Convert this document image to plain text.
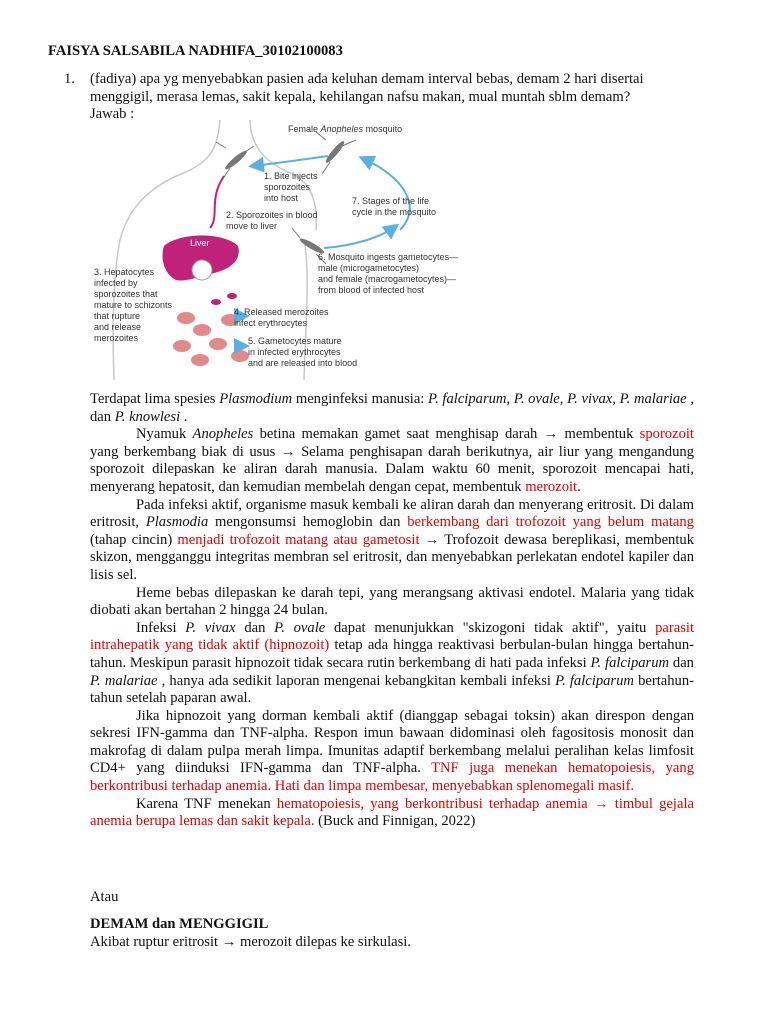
FAISYA SALSABILA NADHIFA_30102100083
1. (fadiya) apa yg menyebabkan pasien ada keluhan demam interval bebas, demam 2 hari disertai menggigil, merasa lemas, sakit kepala, kehilangan nafsu makan, mual muntah sblm demam?
Jawab :
Female Anopheles mosquito
Liver
1. Bite injects
sporozoites
into host
2. Sporozoites in blood
move to liver
3. Hepatocytes
infected by
sporozoites that
mature to schizonts
that rupture
and release
merozoites
4. Released merozoites
infect erythrocytes
5. Gametocytes mature
in infected erythrocytes
and are released into blood
6. Mosquito ingests gametocytes—
male (microgametocytes)
and female (macrogametocytes)—
from blood of infected host
7. Stages of the life
cycle in the mosquito

Terdapat lima spesies Plasmodium menginfeksi manusia: P. falciparum, P. ovale, P. vivax, P. malariae , dan P. knowlesi .

Nyamuk Anopheles betina memakan gamet saat menghisap darah → membentuk sporozoit yang berkembang biak di usus → Selama penghisapan darah berikutnya, air liur yang mengandung sporozoit dilepaskan ke aliran darah manusia. Dalam waktu 60 menit, sporozoit mencapai hati, menyerang hepatosit, dan kemudian membelah dengan cepat, membentuk merozoit.

Pada infeksi aktif, organisme masuk kembali ke aliran darah dan menyerang eritrosit. Di dalam eritrosit, Plasmodia mengonsumsi hemoglobin dan berkembang dari trofozoit yang belum matang (tahap cincin) menjadi trofozoit matang atau gametosit → Trofozoit dewasa bereplikasi, membentuk skizon, mengganggu integritas membran sel eritrosit, dan menyebabkan perlekatan endotel kapiler dan lisis sel.

Heme bebas dilepaskan ke darah tepi, yang merangsang aktivasi endotel. Malaria yang tidak diobati akan bertahan 2 hingga 24 bulan.

Infeksi P. vivax dan P. ovale dapat menunjukkan "skizogoni tidak aktif", yaitu parasit intrahepatik yang tidak aktif (hipnozoit) tetap ada hingga reaktivasi berbulan-bulan hingga bertahun-tahun. Meskipun parasit hipnozoit tidak secara rutin berkembang di hati pada infeksi P. falciparum dan P. malariae , hanya ada sedikit laporan mengenai kebangkitan kembali infeksi P. falciparum bertahun-tahun setelah paparan awal.

Jika hipnozoit yang dorman kembali aktif (dianggap sebagai toksin) akan direspon dengan sekresi IFN-gamma dan TNF-alpha. Respon imun bawaan didominasi oleh fagositosis monosit dan makrofag di dalam pulpa merah limpa. Imunitas adaptif berkembang melalui peralihan kelas limfosit CD4+ yang diinduksi IFN-gamma dan TNF-alpha. TNF juga menekan hematopoiesis, yang berkontribusi terhadap anemia. Hati dan limpa membesar, menyebabkan splenomegali masif.

Karena TNF menekan hematopoiesis, yang berkontribusi terhadap anemia → timbul gejala anemia berupa lemas dan sakit kepala. (Buck and Finnigan, 2022)

Atau
DEMAM dan MENGGIGIL
Akibat ruptur eritrosit → merozoit dilepas ke sirkulasi.
